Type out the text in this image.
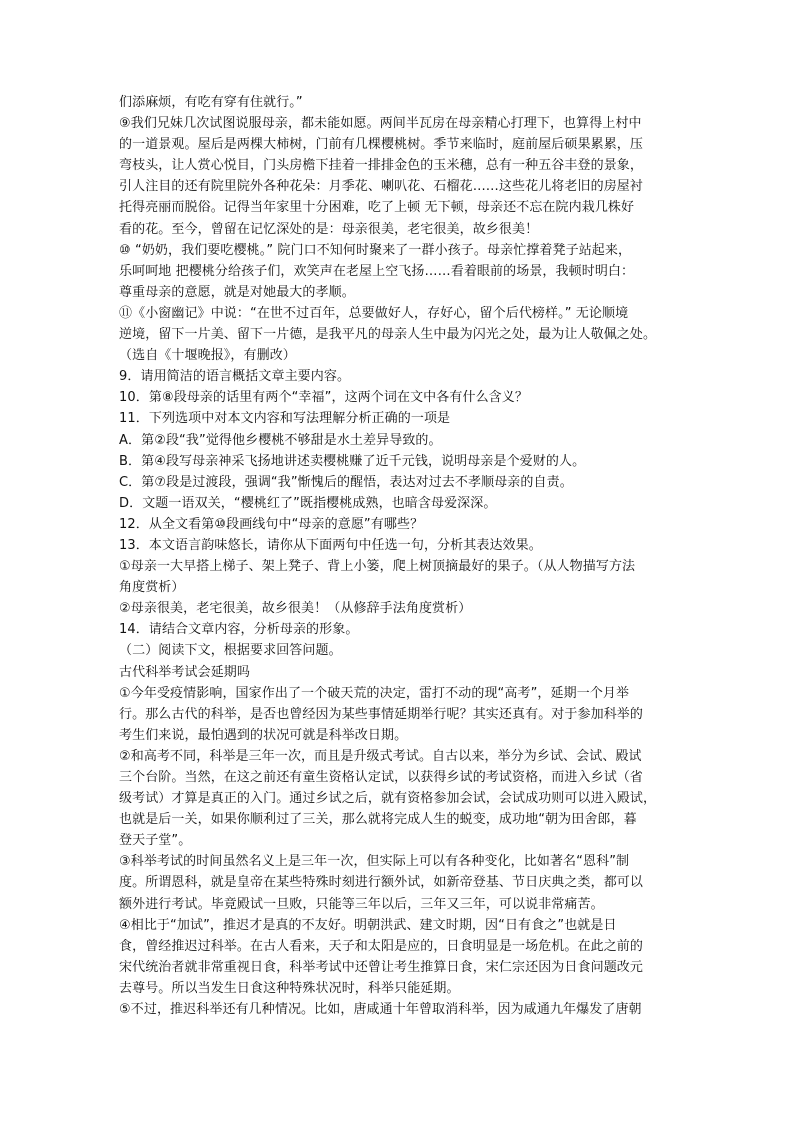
们添麻烦，有吃有穿有住就行。”
⑨我们兄妹几次试图说服母亲，都未能如愿。两间半瓦房在母亲精心打理下，也算得上村中
的一道景观。屋后是两棵大柿树，门前有几棵樱桃树。季节来临时，庭前屋后硕果累累，压
弯枝头，让人赏心悦目，门头房檐下挂着一排排金色的玉米穗，总有一种五谷丰登的景象，
引人注目的还有院里院外各种花朵：月季花、喇叭花、石榴花……这些花儿将老旧的房屋衬
托得亮丽而脱俗。记得当年家里十分困难，吃了上顿 无下顿，母亲还不忘在院内栽几株好
看的花。至今，曾留在记忆深处的是：母亲很美，老宅很美，故乡很美！
⑩ “奶奶，我们要吃樱桃。” 院门口不知何时聚来了一群小孩子。母亲忙撑着凳子站起来，
乐呵呵地 把樱桃分给孩子们，欢笑声在老屋上空飞扬……看着眼前的场景，我顿时明白：
尊重母亲的意愿，就是对她最大的孝顺。
⑪《小窗幽记》中说：“在世不过百年，总要做好人，存好心，留个后代榜样。” 无论顺境
逆境，留下一片美、留下一片德，是我平凡的母亲人生中最为闪光之处，最为让人敬佩之处。
（选自《十堰晚报》，有删改）
9．请用简洁的语言概括文章主要内容。
10．第⑧段母亲的话里有两个“幸福”，这两个词在文中各有什么含义？
11．下列选项中对本文内容和写法理解分析正确的一项是
A．第②段“我”觉得他乡樱桃不够甜是水土差异导致的。
B．第④段写母亲神采飞扬地讲述卖樱桃赚了近千元钱，说明母亲是个爱财的人。
C．第⑦段是过渡段，强调“我”惭愧后的醒悟，表达对过去不孝顺母亲的自责。
D．文题一语双关，“樱桃红了”既指樱桃成熟，也暗含母爱深深。
12．从全文看第⑩段画线句中“母亲的意愿”有哪些？
13．本文语言韵味悠长，请你从下面两句中任选一句，分析其表达效果。
①母亲一大早搭上梯子、架上凳子、背上小篓，爬上树顶摘最好的果子。（从人物描写方法
角度赏析）
②母亲很美，老宅很美，故乡很美！（从修辞手法角度赏析）
14．请结合文章内容，分析母亲的形象。
（二）阅读下文，根据要求回答问题。
古代科举考试会延期吗
①今年受疫情影响，国家作出了一个破天荒的决定，雷打不动的现“高考”，延期一个月举
行。那么古代的科举，是否也曾经因为某些事情延期举行呢？其实还真有。对于参加科举的
考生们来说，最怕遇到的状况可就是科举改日期。
②和高考不同，科举是三年一次，而且是升级式考试。自古以来，举分为乡试、会试、殿试
三个台阶。当然，在这之前还有童生资格认定试，以获得乡试的考试资格，而进入乡试（省
级考试）才算是真正的入门。通过乡试之后，就有资格参加会试，会试成功则可以进入殿试，
也就是后一关，如果你顺利过了三关，那么就将完成人生的蜕变，成功地“朝为田舍郎，暮
登天子堂”。
③科举考试的时间虽然名义上是三年一次，但实际上可以有各种变化，比如著名“恩科”制
度。所谓恩科，就是皇帝在某些特殊时刻进行额外试，如新帝登基、节日庆典之类，都可以
额外进行考试。毕竟殿试一旦败，只能等三年以后，三年又三年，可以说非常痛苦。
④相比于“加试”，推迟才是真的不友好。明朝洪武、建文时期，因“日有食之”也就是日
食，曾经推迟过科举。在古人看来，天子和太阳是应的，日食明显是一场危机。在此之前的
宋代统治者就非常重视日食，科举考试中还曾让考生推算日食，宋仁宗还因为日食问题改元
去尊号。所以当发生日食这种特殊状况时，科举只能延期。
⑤不过，推迟科举还有几种情况。比如，唐咸通十年曾取消科举，因为咸通九年爆发了唐朝
